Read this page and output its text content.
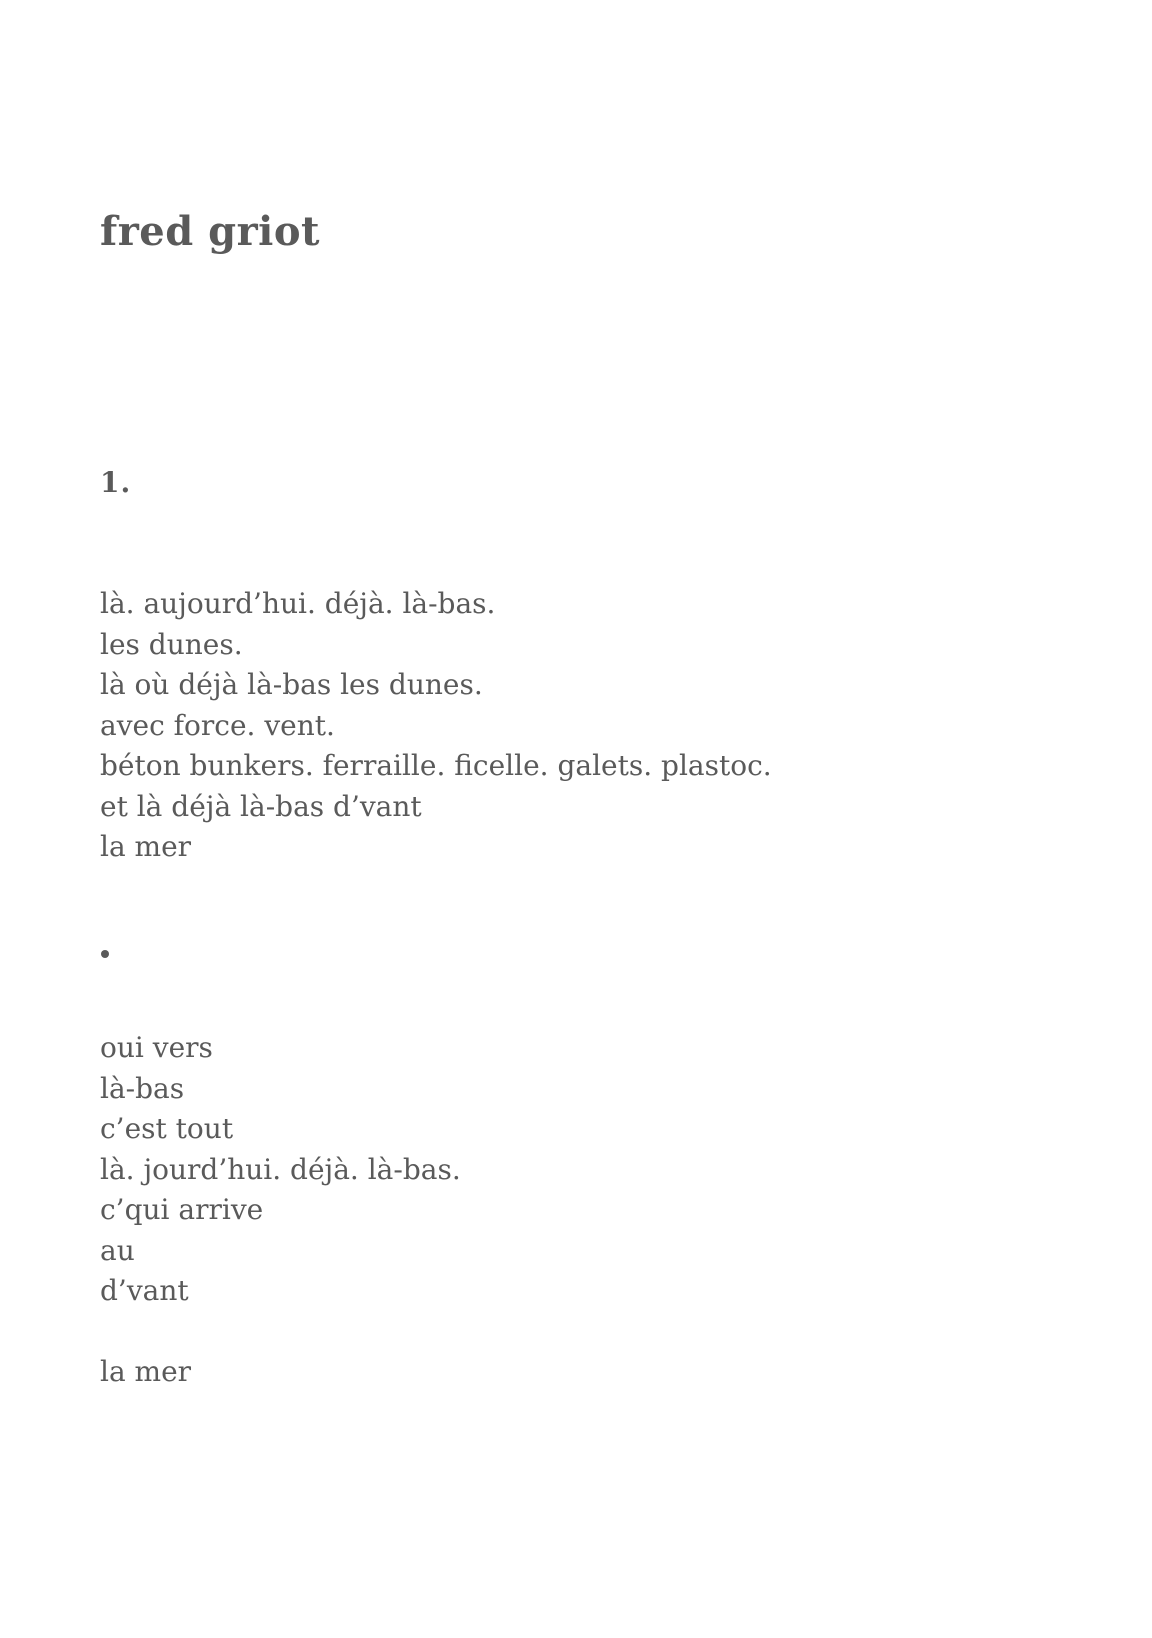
fred griot
1.
là. aujourd’hui. déjà. là-bas.
les dunes.
là où déjà là-bas les dunes.
avec force. vent.
béton bunkers. ferraille. ficelle. galets. plastoc.
et là déjà là-bas d’vant
la mer
oui vers
là-bas
c’est tout
là. jourd’hui. déjà. là-bas.
c’qui arrive
au
d’vant
la mer
